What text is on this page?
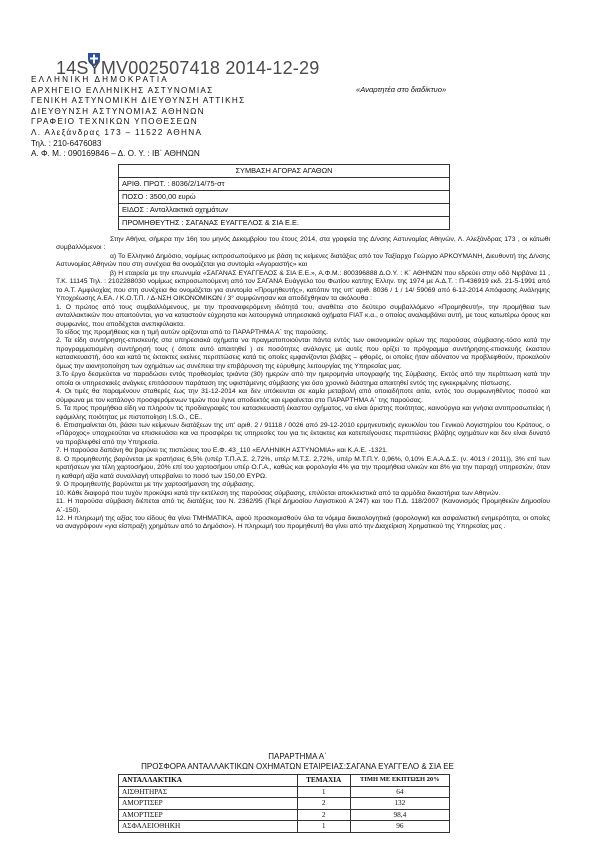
14SYMV002507418 2014-12-29

ΕΛΛΗΝΙΚΗ ΔΗΜΟΚΡΑΤΙΑ
ΑΡΧΗΓΕΙΟ ΕΛΛΗΝΙΚΗΣ ΑΣΤΥΝΟΜΙΑΣ
ΓΕΝΙΚΗ ΑΣΤΥΝΟΜΙΚΗ ΔΙΕΥΘΥΝΣΗ ΑΤΤΙΚΗΣ
ΔΙΕΥΘΥΝΣΗ ΑΣΤΥΝΟΜΙΑΣ ΑΘΗΝΩΝ
ΓΡΑΦΕΙΟ ΤΕΧΝΙΚΩΝ ΥΠΟΘΕΣΕΩΝ
Λ. Αλεξάνδρας 173 – 11522 ΑΘΗΝΑ
Τηλ. : 210-6476083
Α. Φ. Μ. : 090169846 – Δ. Ο. Υ. : ΙΒ΄ ΑΘΗΝΩΝ
«Αναρτητέα στο διαδίκτυο»
ΣΥΜΒΑΣΗ ΑΓΟΡΑΣ ΑΓΑΘΩΝ
ΑΡΙΘ. ΠΡΩΤ. : 8036/2/14/75-στ
ΠΟΣΟ : 3500,00 ευρώ
ΕΙΔΟΣ : Ανταλλακτικά οχημάτων
ΠΡΟΜΗΘΕΥΤΗΣ : ΣΑΓΑΝΑΣ ΕΥΑΓΓΕΛΟΣ & ΣΙΑ Ε.Ε.

Στην Αθήνα, σήμερα την 16η του μηνός Δεκεμβρίου του έτους 2014, στα γραφεία της Δ/νσης Αστυνομίας Αθηνών, Λ. Αλεξάνδρας 173 , οι κάτωθι συμβαλλόμενοι :

α) Το Ελληνικό Δημόσιο, νομίμως εκπροσωπούμενο με βάση τις κείμενες διατάξεις από τον Ταξίαρχο Γεώργιο ΑΡΚΟΥΜΑΝΗ, Διευθυντή της Δ/νσης Αστυνομίας Αθηνών που στη συνέχεια θα ονομάζεται για συντομία «Αγοραστής» και

β) Η εταιρεία με την επωνυμία «ΣΑΓΑΝΑΣ ΕΥΑΓΓΕΛΟΣ & ΣΙΑ Ε.Ε.», Α.Φ.Μ.: 800396888 Δ.Ο.Υ. : Κ΄ ΑΘΗΝΩΝ που εδρεύει στην οδό Νιρβάνα 11 , Τ.Κ. 11145 Τηλ. : 2102288030 νομίμως εκπροσωπούμενη από τον ΣΑΓΑΝΑ Ευάγγελο του Φωτίου κατ/της Ελλην. της 1974 με Α.Δ.Τ. : Π-436919 εκδ. 21-5-1991 από το Α.Τ. Αμφιλοχίας που στη συνέχεια θα ονομάζεται για συντομία «Προμηθευτής», κατόπιν της υπ' αριθ. 8036 / 1 / 14/ 59069 από 6-12-2014 Απόφασης Ανάληψης Υποχρέωσης Α.ΕΑ. / Κ.Ο.Τ.Π. / Δ-ΝΣΗ ΟΙΚΟΝΟΜΙΚΩΝ / 3° συμφώνησαν και αποδέχθηκαν τα ακόλουθα :

1. Ο πρώτος από τους συμβαλλόμενους, με την προαναφερόμενη ιδιότητά του, αναθέτει στο δεύτερο συμβαλλόμενο «Προμηθευτή», την προμήθεια των ανταλλακτικών που απαιτούνται, για να καταστούν εύχρηστα και λειτουργικά υπηρεσιακά οχήματα FIAT κ.α., ο οποίος αναλαμβάνει αυτή, με τους κατωτέρω όρους και συμφωνίες, που αποδέχεται ανεπιφύλακτα.

Το είδος της προμήθειας και η τιμή αυτών ορίζονται από το ΠΑΡΑΡΤΗΜΑ Α΄ της παρούσης.

2. Τα είδη συντήρησης-επισκευής στα υπηρεσιακά οχήματα να πραγματοποιούνται πάντα εντός των οικονομικών ορίων της παρούσας σύμβασης-τόσο κατά την προγραμματισμένη συντήρησή τους ( όποτε αυτό απαιτηθεί ) σε ποσότητες ανάλογες με αυτές που ορίζει το πρόγραμμα συντήρησης-επισκευής έκαστου κατασκευαστή, όσο και κατά τις έκτακτες εκείνες περιπτώσεις κατά τις οποίες εμφανίζονται βλάβες – φθορές, οι οποίες ήταν αδύνατον να προβλεφθούν, προκαλούν όμως την ακινητοποίηση των οχημάτων ως συνέπεια την επιβάρυνση της εύρυθμης λειτουργίας της Υπηρεσίας μας.

3.Το έργο δεσμεύεται να παραδώσει εντός προθεσμίας τριάντα (30) ημερών από την ημερομηνία υπογραφής της Σύμβασης. Εκτός από την περίπτωση κατά την οποία οι υπηρεσιακές ανάγκες επιτάσσουν παράταση της υφιστάμενης σύμβασης για όσο χρονικό διάστημα απαιτηθεί εντός της εγκεκριμένης πίστωσης.

4. Οι τιμές θα παραμένουν σταθερές έως την 31-12-2014 και δεν υπόκεινται σε καμία μεταβολή από οποιαδήποτε αιτία, εντός του συμφωνηθέντος ποσού και σύμφωνα με τον κατάλογο προσφερόμενων τιμών που έγινε αποδεκτός και εμφαίνεται στο ΠΑΡΑΡΤΗΜΑ Α΄ της παρούσας.

5. Τα προς προμήθεια είδη να πληρούν τις προδιαγραφές του κατασκευαστή έκαστου οχήματος, να είναι άριστης ποιότητας, καινούργια και γνήσια αντιπροσωπείας ή εφάμιλλης ποιότητας με πιστοποίηση I.S.O., CE..

6. Επισημαίνεται ότι, βάσει των κείμενων διατάξεων της υπ' αριθ. 2 / 91118 / 0026 από 29-12-2010 ερμηνευτικής εγκυκλίου του Γενικού Λογιστηρίου του Κράτους, ο «Πάροχος» υποχρεούται να επισκευάσει και να προσφέρει τις υπηρεσίες του για τις έκτακτες και κατεπείγουσες περιπτώσεις βλάβης οχημάτων και δεν είναι δυνατό να προβλεφθεί από την Υπηρεσία.

7. Η παρούσα δαπάνη θα βαρύνει τις πιστώσεις του Ε.Φ. 43_110 «ΕΛΛΗΝΙΚΗ ΑΣΤΥΝΟΜΙΑ» και Κ.Α.Ε. -1321.

8. Ο προμηθευτής βαρύνεται με κρατήσεις 6,5% (υπέρ Τ.Π.Α.Σ. 2,72%, υπέρ Μ.Τ.Σ. 2,72%, υπέρ Μ.Τ.Π.Υ. 0,96%, 0,10% Ε.Α.Α.Δ.Σ. (ν. 4013 / 2011)), 3% επί των κρατήσεων για τέλη χαρτοσήμου, 20% επί του χαρτοσήμου υπέρ Ο.Γ.Α., καθώς και φορολογία 4% για την προμήθεια υλικών και 8% για την παροχή υπηρεσιών, όταν η καθαρή αξία κατά συναλλαγή υπερβαίνει το ποσό των 150,00 ΕΥΡΩ.

9. Ο προμηθευτής βαρύνεται με την χαρτοσήμανση της σύμβασης.

10. Κάθε διαφορά που τυχόν προκύψει κατά την εκτέλεση της παρούσας σύμβασης, επιλύεται αποκλειστικά από τα αρμόδια δικαστήρια των Αθηνών.

11. Η παρούσα σύμβαση διέπεται από τις διατάξεις του Ν. 2362/95 (Περί Δημοσίου Λογιστικού Α΄247) και του Π.Δ. 118/2007 (Κανονισμός Προμηθειών Δημοσίου Α΄-150).

12. Η πληρωμή της αξίας του είδους θα γίνει ΤΜΗΜΑΤΙΚΑ, αφού προσκομισθούν όλα τα νόμιμα δικαιολογητικά (φορολογική και ασφαλιστική ενημερότητα, οι οποίες να αναγράφουν «για είσπραξη χρημάτων από το Δημόσιο»). Η πληρωμή του προμηθευτή θα γίνει από την Διαχείριση Χρηματικού της Υπηρεσίας μας .

ΠΑΡΑΡΤΗΜΑ Α΄
ΠΡΟΣΦΟΡΑ ΑΝΤΑΛΛΑΚΤΙΚΩΝ ΟΧΗΜΑΤΩΝ ΕΤΑΙΡΕΙΑΣ:ΣΑΓΑΝΑ ΕΥΑΓΓΕΛΟ & ΣΙΑ ΕΕ
ΑΝΤΑΛΛΑΚΤΙΚΑ	ΤΕΜΑΧΙΑ	ΤΙΜΗ ΜΕ ΕΚΠΤΩΣΗ 20%
ΑΙΣΘΗΤΗΡΑΣ	1	64
ΑΜΟΡΤΙΣΕΡ	2	132
ΑΜΟΡΤΙΣΕΡ	2	98,4
ΑΣΦΑΛΕΙΟΘΗΚΗ	1	96
